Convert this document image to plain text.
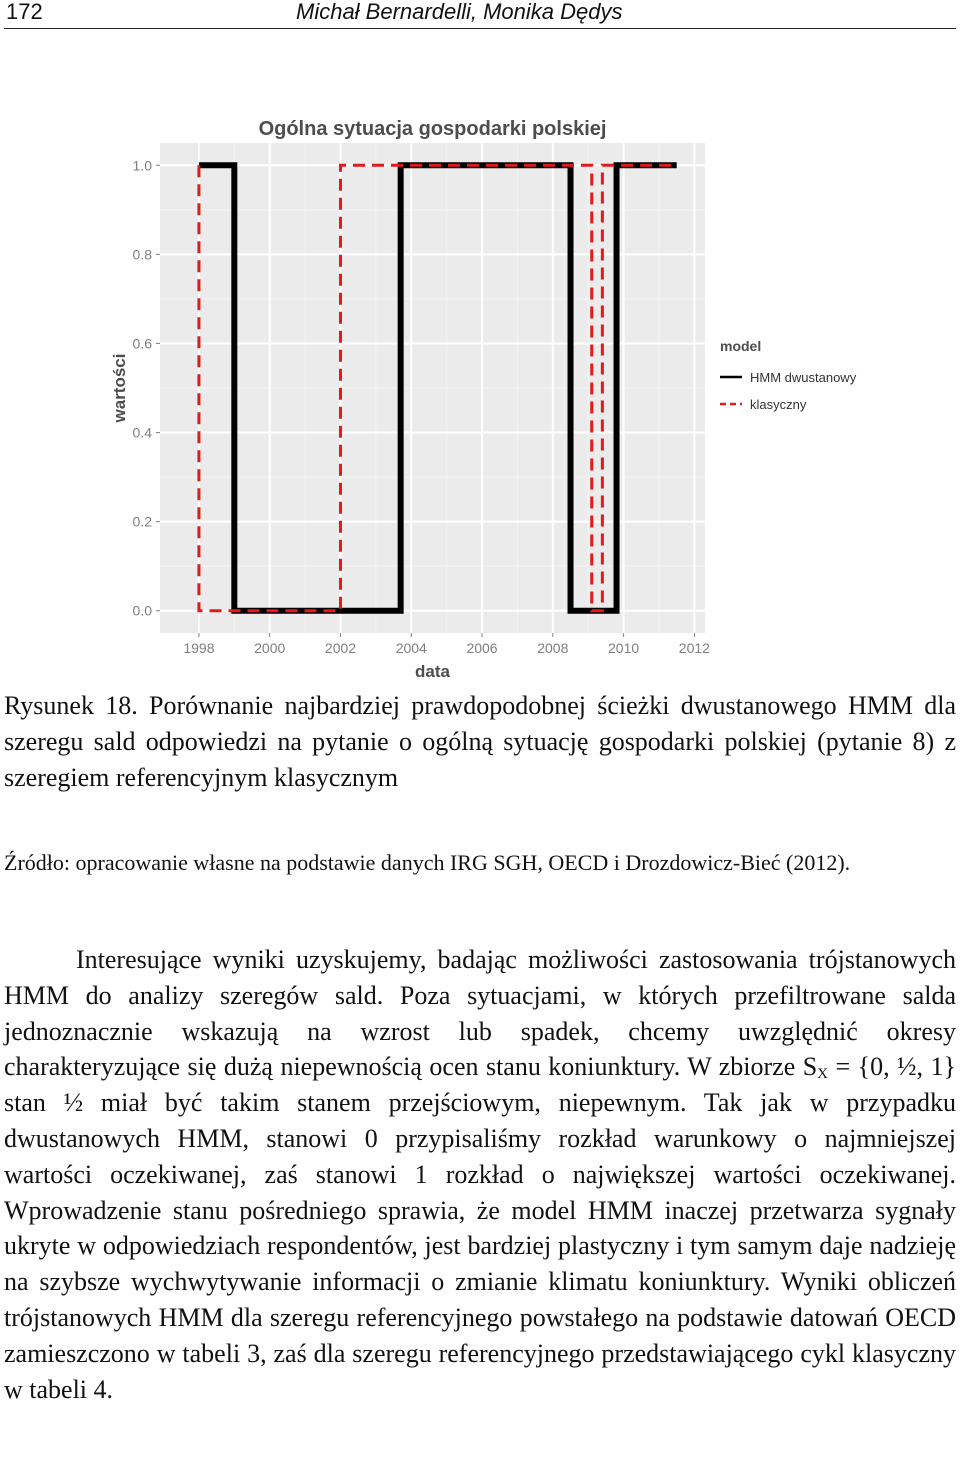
172	Michał Bernardelli, Monika Dędys
1998	2000	2002	2004	2006	2008	2010	2012
0.0
0.2
0.4
0.6
0.8
1.0
Ogólna sytuacja gospodarki polskiej
data
wartości
model
HMM dwustanowy
klasyczny
Rysunek 18. Porównanie najbardziej prawdopodobnej ścieżki dwustanowego HMM dla szeregu sald odpowiedzi na pytanie o ogólną sytuację gospodarki polskiej (pytanie 8) z szeregiem referencyjnym klasycznym
Źródło: opracowanie własne na podstawie danych IRG SGH, OECD i Drozdowicz-Bieć (2012).

Interesujące wyniki uzyskujemy, badając możliwości zastosowania trójstanowych HMM do analizy szeregów sald. Poza sytuacjami, w których przefiltrowane salda jednoznacznie wskazują na wzrost lub spadek, chcemy uwzględnić okresy charakteryzujące się dużą niepewnością ocen stanu koniunktury. W zbiorze $S_X = \{0$, ½, 1} stan ½ miał być takim stanem przejściowym, niepewnym. Tak jak w przypadku dwustanowych HMM, stanowi 0 przypisaliśmy rozkład warunkowy o najmniejszej wartości oczekiwanej, zaś stanowi 1 rozkład o największej wartości oczekiwanej. Wprowadzenie stanu pośredniego sprawia, że model HMM inaczej przetwarza sygnały ukryte w odpowiedziach respondentów, jest bardziej plastyczny i tym samym daje nadzieję na szybsze wychwytywanie informacji o zmianie klimatu koniunktury. Wyniki obliczeń trójstanowych HMM dla szeregu referencyjnego powstałego na podstawie datowań OECD zamieszczono w tabeli 3, zaś dla szeregu referencyjnego przedstawiającego cykl klasyczny w tabeli 4.
